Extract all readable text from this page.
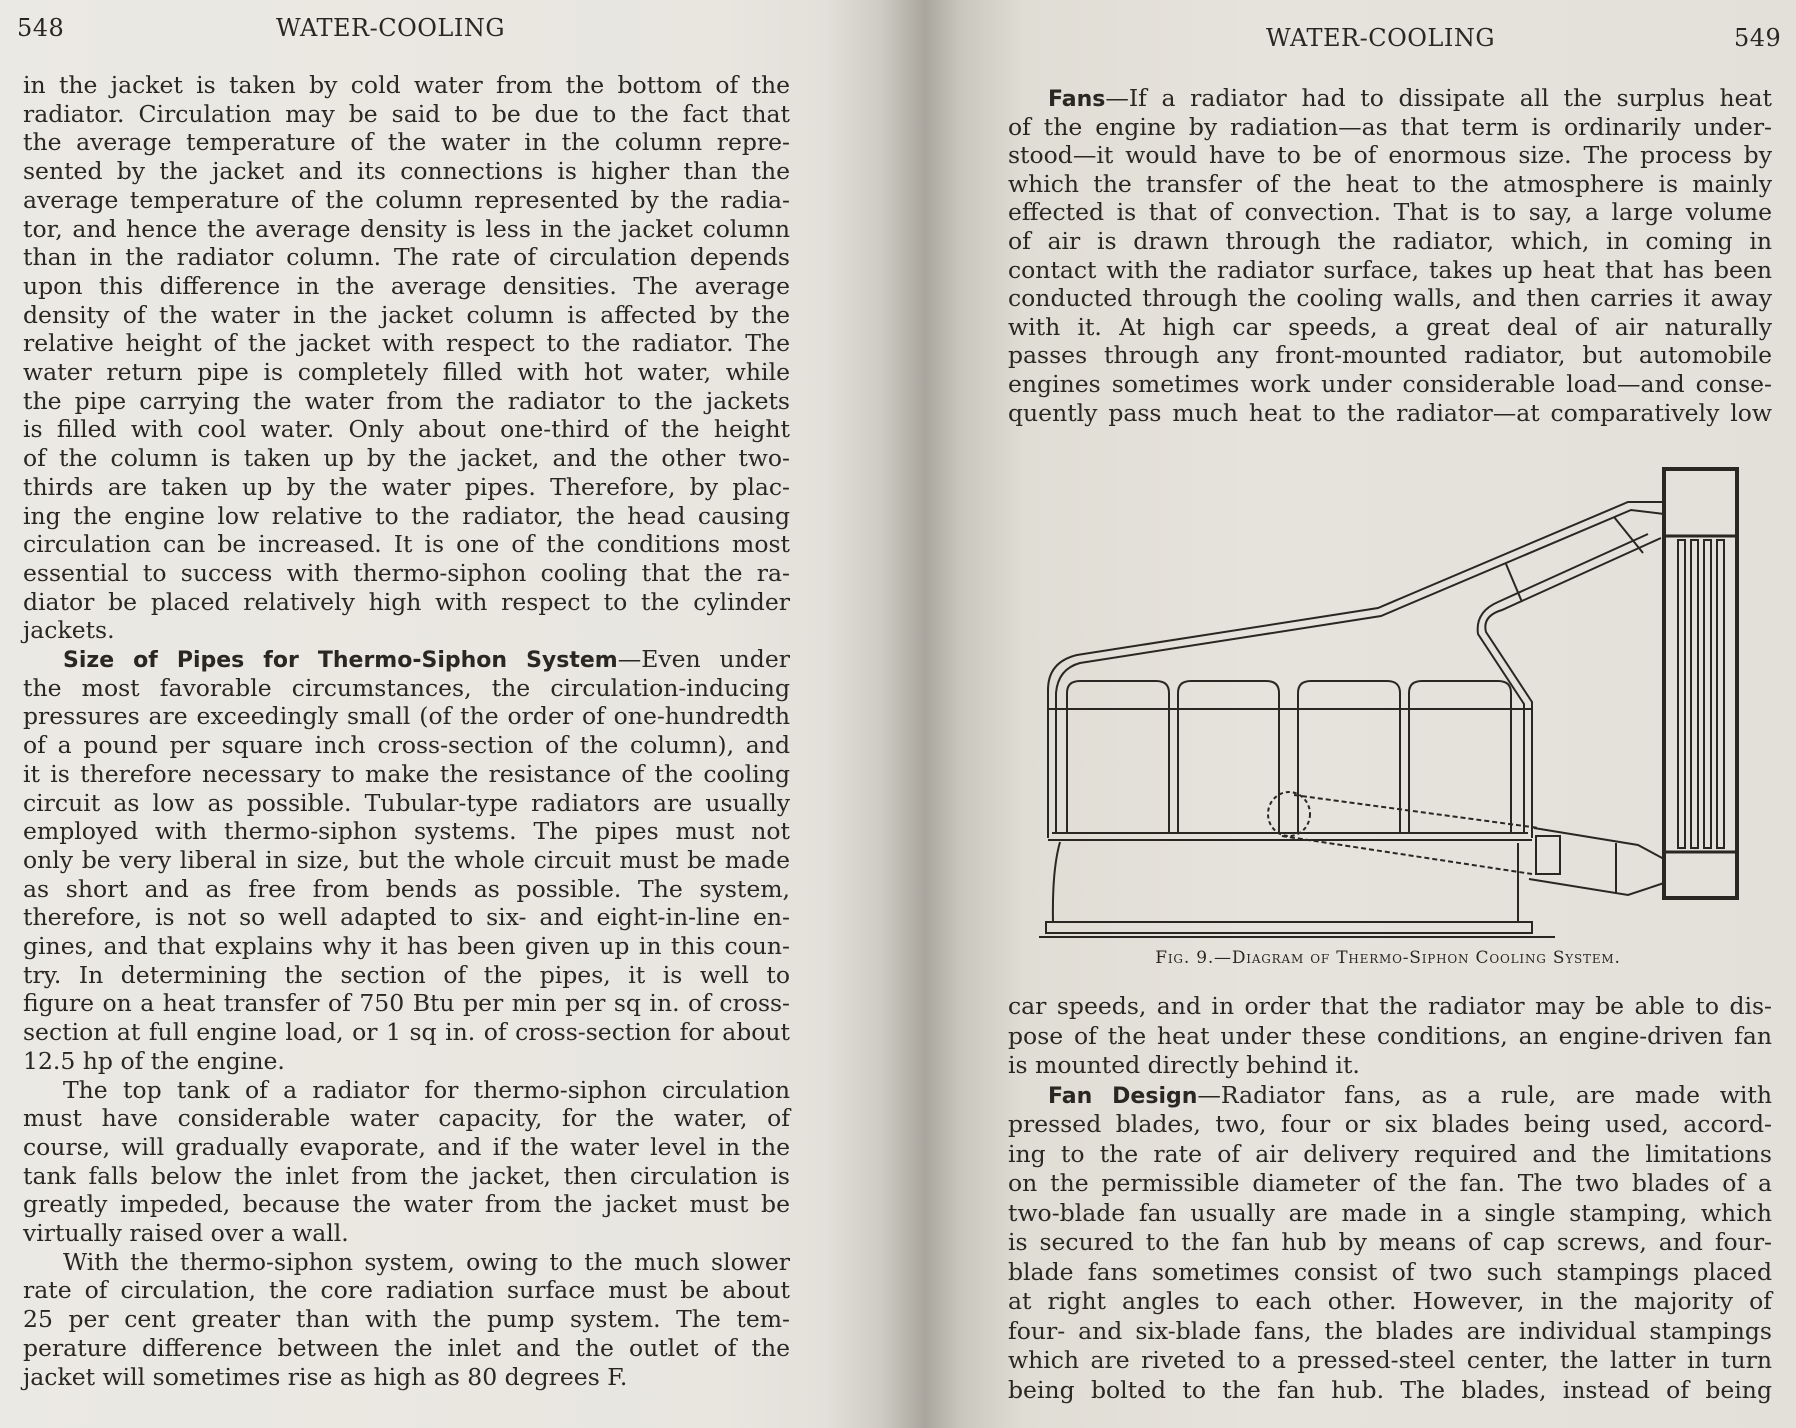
548	WATER-COOLING	WATER-COOLING	549
in the jacket is taken by cold water from the bottom of the
radiator. Circulation may be said to be due to the fact that
the average temperature of the water in the column repre-
sented by the jacket and its connections is higher than the
average temperature of the column represented by the radia-
tor, and hence the average density is less in the jacket column
than in the radiator column. The rate of circulation depends
upon this difference in the average densities. The average
density of the water in the jacket column is affected by the
relative height of the jacket with respect to the radiator. The
water return pipe is completely filled with hot water, while
the pipe carrying the water from the radiator to the jackets
is filled with cool water. Only about one-third of the height
of the column is taken up by the jacket, and the other two-
thirds are taken up by the water pipes. Therefore, by plac-
ing the engine low relative to the radiator, the head causing
circulation can be increased. It is one of the conditions most
essential to success with thermo-siphon cooling that the ra-
diator be placed relatively high with respect to the cylinder
jackets.
Size of Pipes for Thermo-Siphon System—Even under
the most favorable circumstances, the circulation-inducing
pressures are exceedingly small (of the order of one-hundredth
of a pound per square inch cross-section of the column), and
it is therefore necessary to make the resistance of the cooling
circuit as low as possible. Tubular-type radiators are usually
employed with thermo-siphon systems. The pipes must not
only be very liberal in size, but the whole circuit must be made
as short and as free from bends as possible. The system,
therefore, is not so well adapted to six- and eight-in-line en-
gines, and that explains why it has been given up in this coun-
try. In determining the section of the pipes, it is well to
figure on a heat transfer of 750 Btu per min per sq in. of cross-
section at full engine load, or 1 sq in. of cross-section for about
12.5 hp of the engine.
The top tank of a radiator for thermo-siphon circulation
must have considerable water capacity, for the water, of
course, will gradually evaporate, and if the water level in the
tank falls below the inlet from the jacket, then circulation is
greatly impeded, because the water from the jacket must be
virtually raised over a wall.
With the thermo-siphon system, owing to the much slower
rate of circulation, the core radiation surface must be about
25 per cent greater than with the pump system. The tem-
perature difference between the inlet and the outlet of the
jacket will sometimes rise as high as 80 degrees F.
Fans—If a radiator had to dissipate all the surplus heat
of the engine by radiation—as that term is ordinarily under-
stood—it would have to be of enormous size. The process by
which the transfer of the heat to the atmosphere is mainly
effected is that of convection. That is to say, a large volume
of air is drawn through the radiator, which, in coming in
contact with the radiator surface, takes up heat that has been
conducted through the cooling walls, and then carries it away
with it. At high car speeds, a great deal of air naturally
passes through any front-mounted radiator, but automobile
engines sometimes work under considerable load—and conse-
quently pass much heat to the radiator—at comparatively low
car speeds, and in order that the radiator may be able to dis-
pose of the heat under these conditions, an engine-driven fan
is mounted directly behind it.
Fan Design—Radiator fans, as a rule, are made with
pressed blades, two, four or six blades being used, accord-
ing to the rate of air delivery required and the limitations
on the permissible diameter of the fan. The two blades of a
two-blade fan usually are made in a single stamping, which
is secured to the fan hub by means of cap screws, and four-
blade fans sometimes consist of two such stampings placed
at right angles to each other. However, in the majority of
four- and six-blade fans, the blades are individual stampings
which are riveted to a pressed-steel center, the latter in turn
being bolted to the fan hub. The blades, instead of being
Fig. 9.—Diagram of Thermo-Siphon Cooling System.
